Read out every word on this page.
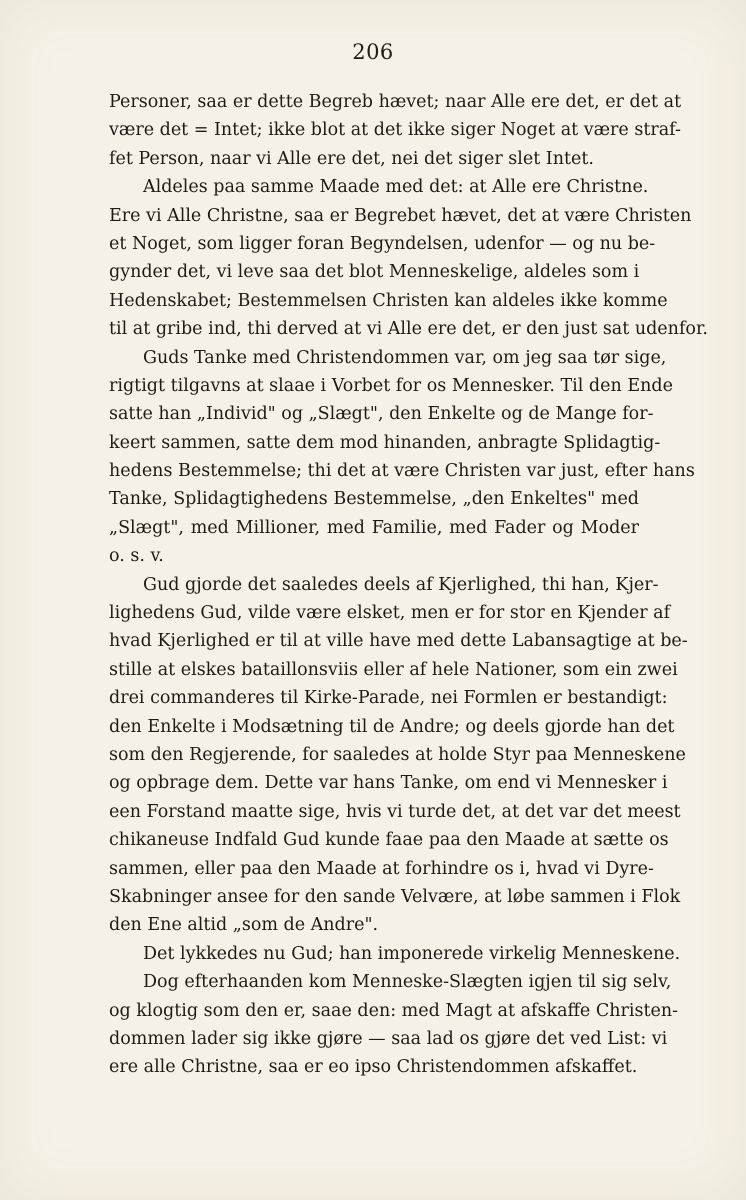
206
Personer, saa er dette Begreb hævet; naar Alle ere det, er det at
være det = Intet; ikke blot at det ikke siger Noget at være straf-
fet Person, naar vi Alle ere det, nei det siger slet Intet.
Aldeles paa samme Maade med det: at Alle ere Christne.
Ere vi Alle Christne, saa er Begrebet hævet, det at være Christen
et Noget, som ligger foran Begyndelsen, udenfor — og nu be-
gynder det, vi leve saa det blot Menneskelige, aldeles som i
Hedenskabet; Bestemmelsen Christen kan aldeles ikke komme
til at gribe ind, thi derved at vi Alle ere det, er den just sat udenfor.
Guds Tanke med Christendommen var, om jeg saa tør sige,
rigtigt tilgavns at slaae i Vorbet for os Mennesker. Til den Ende
satte han „Individ" og „Slægt", den Enkelte og de Mange for-
keert sammen, satte dem mod hinanden, anbragte Splidagtig-
hedens Bestemmelse; thi det at være Christen var just, efter hans
Tanke, Splidagtighedens Bestemmelse, „den Enkeltes" med
„Slægt", med Millioner, med Familie, med Fader og Moder
o. s. v.
Gud gjorde det saaledes deels af Kjerlighed, thi han, Kjer-
lighedens Gud, vilde være elsket, men er for stor en Kjender af
hvad Kjerlighed er til at ville have med dette Labansagtige at be-
stille at elskes bataillonsviis eller af hele Nationer, som ein zwei
drei commanderes til Kirke-Parade, nei Formlen er bestandigt:
den Enkelte i Modsætning til de Andre; og deels gjorde han det
som den Regjerende, for saaledes at holde Styr paa Menneskene
og opbrage dem. Dette var hans Tanke, om end vi Mennesker i
een Forstand maatte sige, hvis vi turde det, at det var det meest
chikaneuse Indfald Gud kunde faae paa den Maade at sætte os
sammen, eller paa den Maade at forhindre os i, hvad vi Dyre-
Skabninger ansee for den sande Velvære, at løbe sammen i Flok
den Ene altid „som de Andre".
Det lykkedes nu Gud; han imponerede virkelig Menneskene.
Dog efterhaanden kom Menneske-Slægten igjen til sig selv,
og klogtig som den er, saae den: med Magt at afskaffe Christen-
dommen lader sig ikke gjøre — saa lad os gjøre det ved List: vi
ere alle Christne, saa er eo ipso Christendommen afskaffet.
